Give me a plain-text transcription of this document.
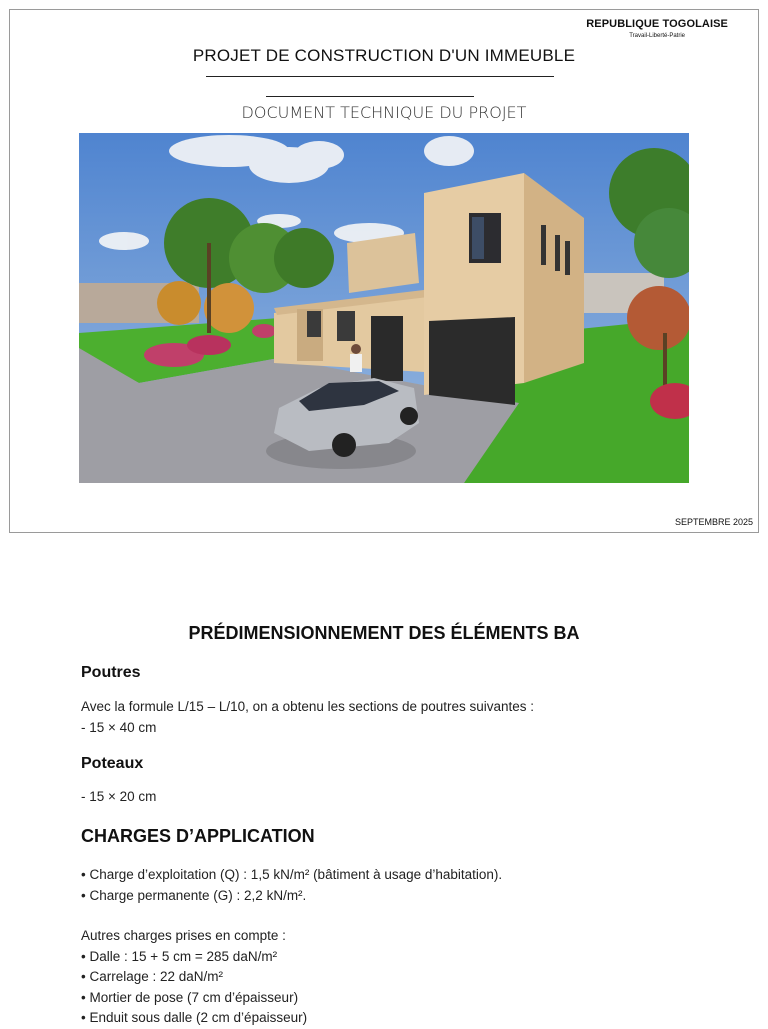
REPUBLIQUE TOGOLAISE
Travail-Liberté-Patrie
PROJET DE CONSTRUCTION D'UN IMMEUBLE
DOCUMENT TECHNIQUE DU PROJET
SEPTEMBRE 2025
PRÉDIMENSIONNEMENT DES ÉLÉMENTS BA
Poutres
Avec la formule L/15 – L/10, on a obtenu les sections de poutres suivantes :
- 15 × 40 cm
Poteaux
- 15 × 20 cm
CHARGES D’APPLICATION
• Charge d’exploitation (Q) : 1,5 kN/m² (bâtiment à usage d’habitation).
• Charge permanente (G) : 2,2 kN/m².
Autres charges prises en compte :
• Dalle : 15 + 5 cm = 285 daN/m²
• Carrelage : 22 daN/m²
• Mortier de pose (7 cm d’épaisseur)
• Enduit sous dalle (2 cm d’épaisseur)
